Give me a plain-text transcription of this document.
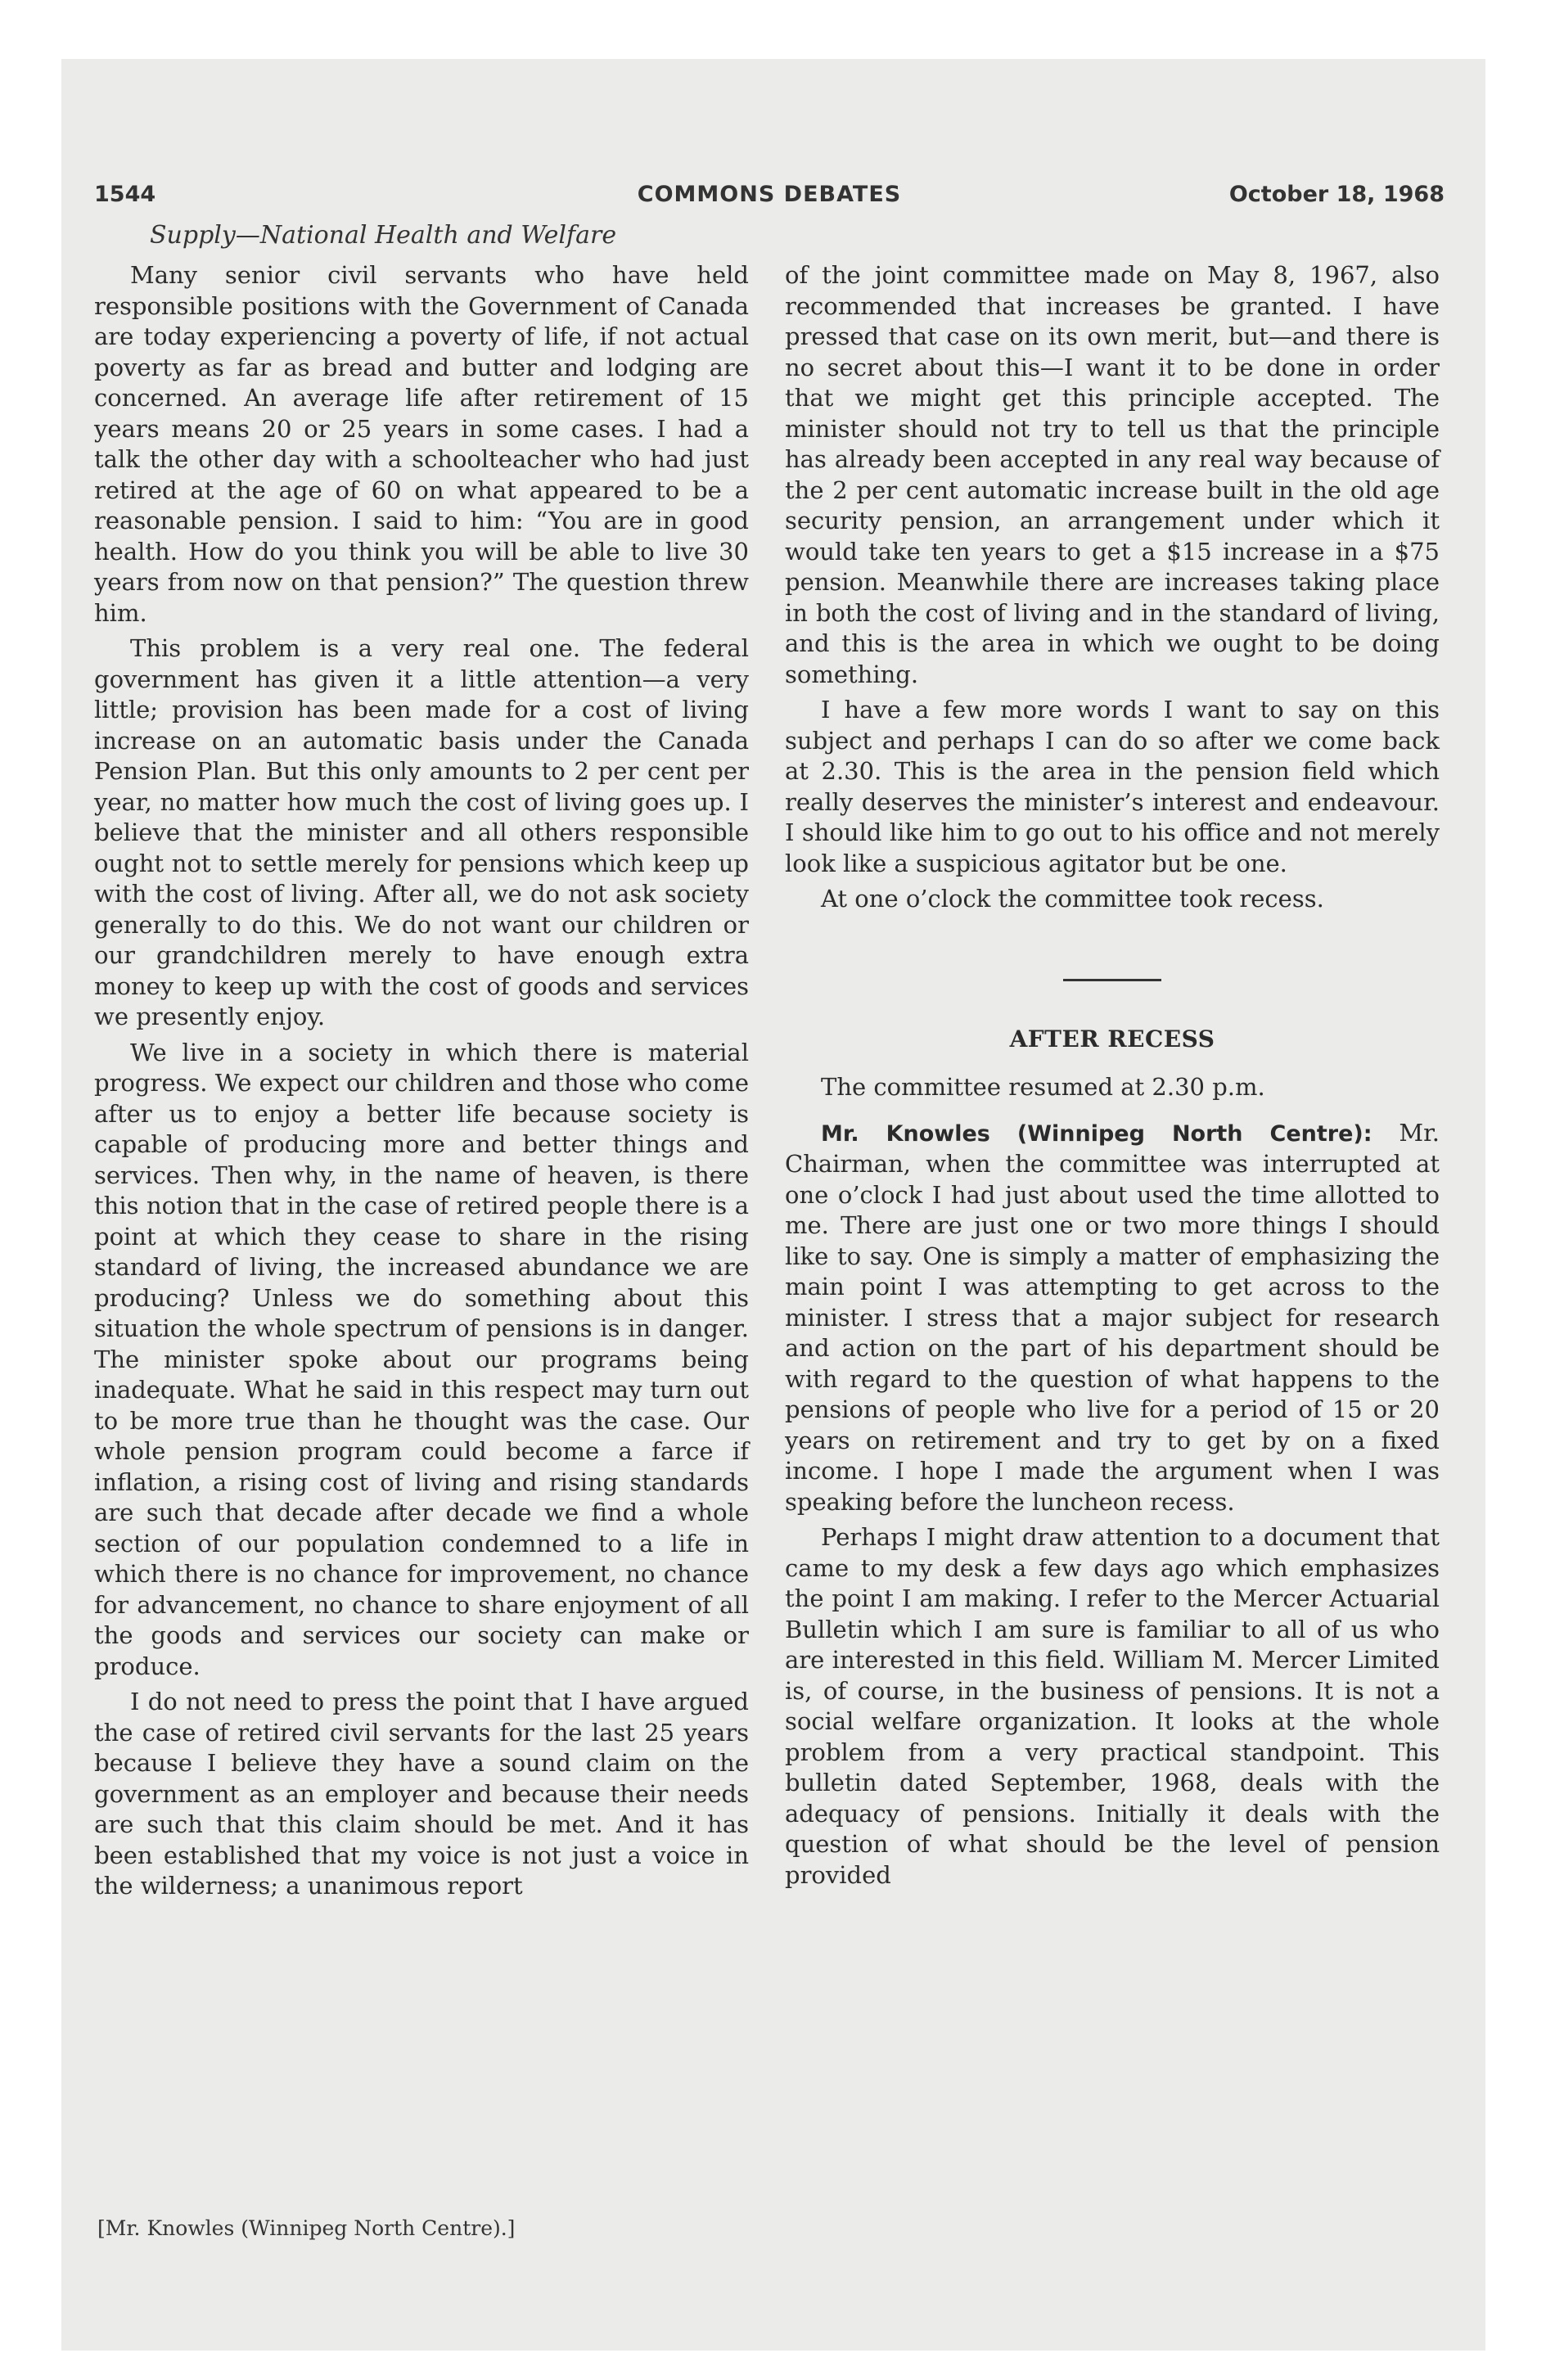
1544	COMMONS DEBATES	October 18, 1968
Supply—National Health and Welfare

Many senior civil servants who have held responsible positions with the Government of Canada are today experiencing a poverty of life, if not actual poverty as far as bread and butter and lodging are concerned. An average life after retirement of 15 years means 20 or 25 years in some cases. I had a talk the other day with a schoolteacher who had just retired at the age of 60 on what appeared to be a reasonable pension. I said to him: “You are in good health. How do you think you will be able to live 30 years from now on that pension?” The question threw him.

This problem is a very real one. The federal government has given it a little attention—a very little; provision has been made for a cost of living increase on an automatic basis under the Canada Pension Plan. But this only amounts to 2 per cent per year, no matter how much the cost of living goes up. I believe that the minister and all others responsible ought not to settle merely for pensions which keep up with the cost of living. After all, we do not ask society generally to do this. We do not want our children or our grandchildren merely to have enough extra money to keep up with the cost of goods and services we presently enjoy.

We live in a society in which there is material progress. We expect our children and those who come after us to enjoy a better life because society is capable of producing more and better things and services. Then why, in the name of heaven, is there this notion that in the case of retired people there is a point at which they cease to share in the rising standard of living, the increased abundance we are producing? Unless we do something about this situation the whole spectrum of pensions is in danger. The minister spoke about our programs being inadequate. What he said in this respect may turn out to be more true than he thought was the case. Our whole pension program could become a farce if inflation, a rising cost of living and rising standards are such that decade after decade we find a whole section of our population condemned to a life in which there is no chance for improvement, no chance for advancement, no chance to share enjoyment of all the goods and services our society can make or produce.

I do not need to press the point that I have argued the case of retired civil servants for the last 25 years because I believe they have a sound claim on the government as an employer and because their needs are such that this claim should be met. And it has been established that my voice is not just a voice in the wilderness; a unanimous report

of the joint committee made on May 8, 1967, also recommended that increases be granted. I have pressed that case on its own merit, but—and there is no secret about this—I want it to be done in order that we might get this principle accepted. The minister should not try to tell us that the principle has already been accepted in any real way because of the 2 per cent automatic increase built in the old age security pension, an arrangement under which it would take ten years to get a $15 increase in a $75 pension. Meanwhile there are increases taking place in both the cost of living and in the standard of living, and this is the area in which we ought to be doing something.

I have a few more words I want to say on this subject and perhaps I can do so after we come back at 2.30. This is the area in the pension field which really deserves the minister’s interest and endeavour. I should like him to go out to his office and not merely look like a suspicious agitator but be one.

At one o’clock the committee took recess.

AFTER RECESS

The committee resumed at 2.30 p.m.

Mr. Knowles (Winnipeg North Centre): Mr. Chairman, when the committee was interrupted at one o’clock I had just about used the time allotted to me. There are just one or two more things I should like to say. One is simply a matter of emphasizing the main point I was attempting to get across to the minister. I stress that a major subject for research and action on the part of his department should be with regard to the question of what happens to the pensions of people who live for a period of 15 or 20 years on retirement and try to get by on a fixed income. I hope I made the argument when I was speaking before the luncheon recess.

Perhaps I might draw attention to a document that came to my desk a few days ago which emphasizes the point I am making. I refer to the Mercer Actuarial Bulletin which I am sure is familiar to all of us who are interested in this field. William M. Mercer Limited is, of course, in the business of pensions. It is not a social welfare organization. It looks at the whole problem from a very practical standpoint. This bulletin dated September, 1968, deals with the adequacy of pensions. Initially it deals with the question of what should be the level of pension provided

[Mr. Knowles (Winnipeg North Centre).]
